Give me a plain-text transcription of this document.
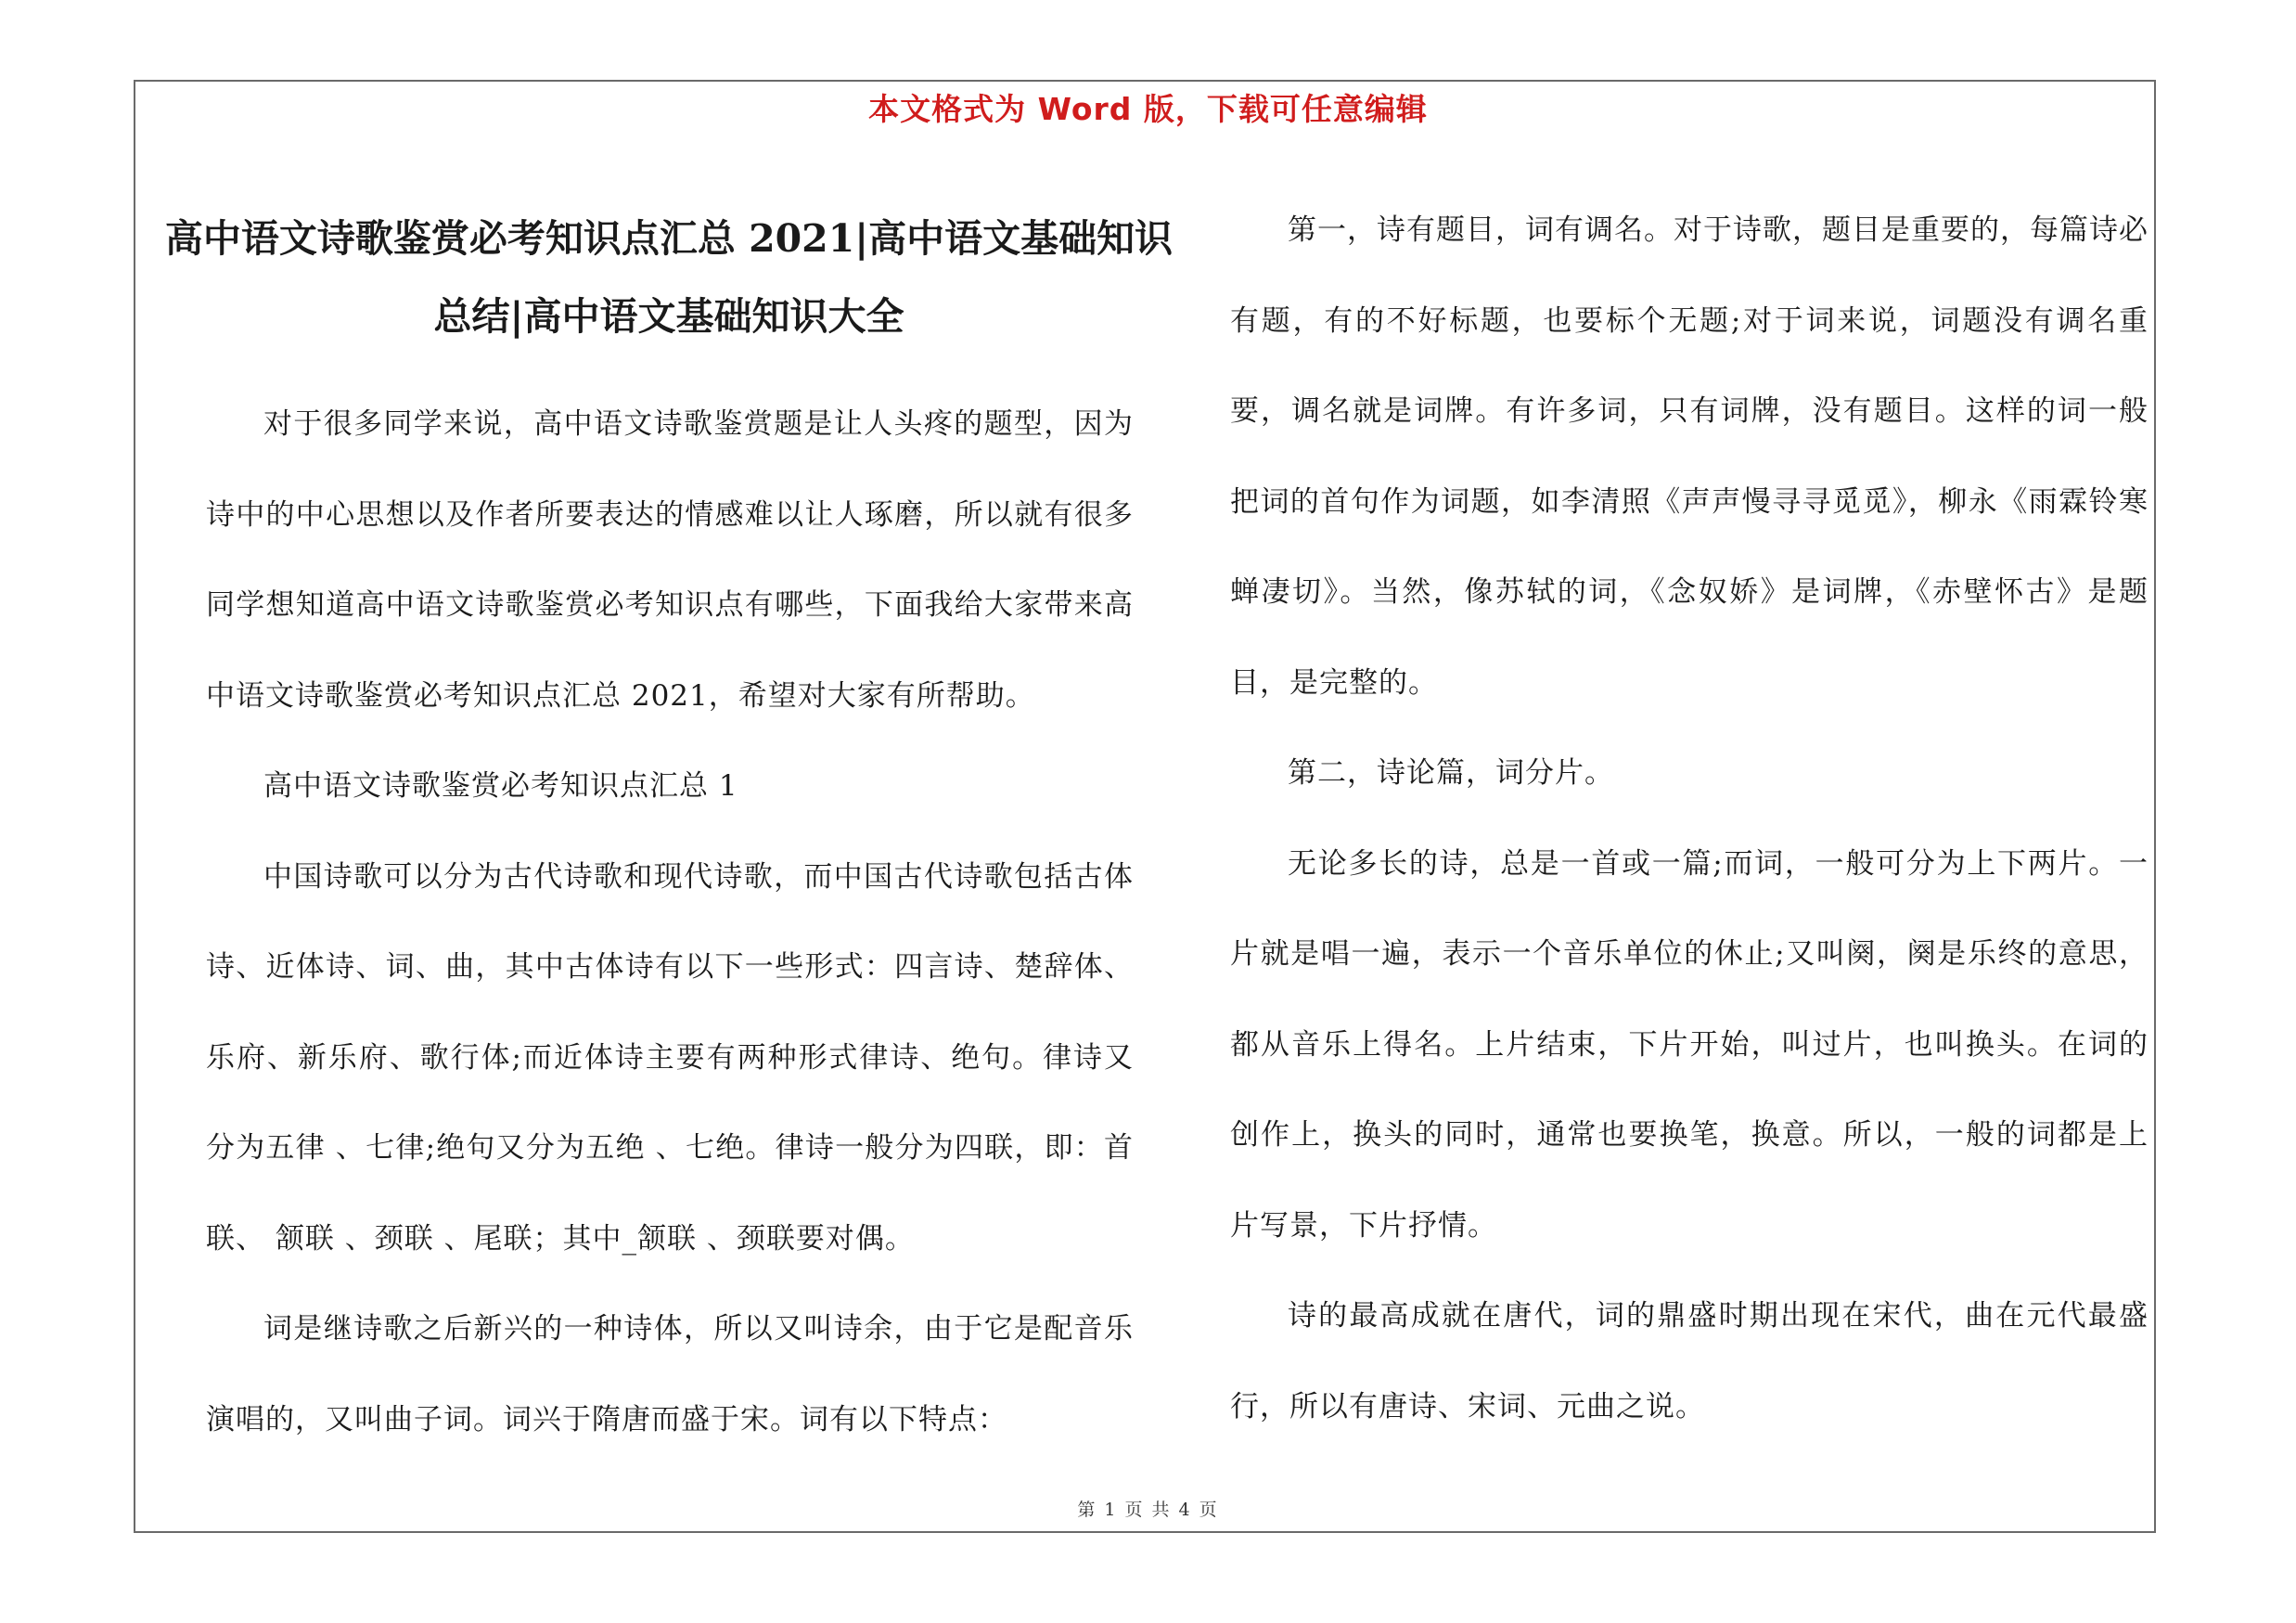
本文格式为 Word 版，下载可任意编辑
高中语文诗歌鉴赏必考知识点汇总 2021|高中语文基础知识总结|高中语文基础知识大全

对于很多同学来说，高中语文诗歌鉴赏题是让人头疼的题型，因为诗中的中心思想以及作者所要表达的情感难以让人琢磨，所以就有很多同学想知道高中语文诗歌鉴赏必考知识点有哪些，下面我给大家带来高中语文诗歌鉴赏必考知识点汇总 2021，希望对大家有所帮助。

高中语文诗歌鉴赏必考知识点汇总 1

中国诗歌可以分为古代诗歌和现代诗歌，而中国古代诗歌包括古体诗、近体诗、词、曲，其中古体诗有以下一些形式：四言诗、楚辞体、乐府、新乐府、歌行体;而近体诗主要有两种形式律诗、绝句。律诗又分为五律 、七律;绝句又分为五绝 、七绝。律诗一般分为四联，即：首联、 颔联 、颈联 、尾联；其中_颔联 、颈联要对偶。

词是继诗歌之后新兴的一种诗体，所以又叫诗余，由于它是配音乐演唱的，又叫曲子词。词兴于隋唐而盛于宋。词有以下特点：

第一，诗有题目，词有调名。对于诗歌，题目是重要的，每篇诗必有题，有的不好标题，也要标个无题;对于词来说，词题没有调名重要，调名就是词牌。有许多词，只有词牌，没有题目。这样的词一般把词的首句作为词题，如李清照《声声慢寻寻觅觅》，柳永《雨霖铃寒蝉凄切》。当然，像苏轼的词，《念奴娇》是词牌，《赤壁怀古》是题目，是完整的。

第二，诗论篇，词分片。

无论多长的诗，总是一首或一篇;而词，一般可分为上下两片。一片就是唱一遍，表示一个音乐单位的休止;又叫阕，阕是乐终的意思，都从音乐上得名。上片结束，下片开始，叫过片，也叫换头。在词的创作上，换头的同时，通常也要换笔，换意。所以，一般的词都是上片写景，下片抒情。

诗的最高成就在唐代，词的鼎盛时期出现在宋代，曲在元代最盛行，所以有唐诗、宋词、元曲之说。

第 1 页 共 4 页
